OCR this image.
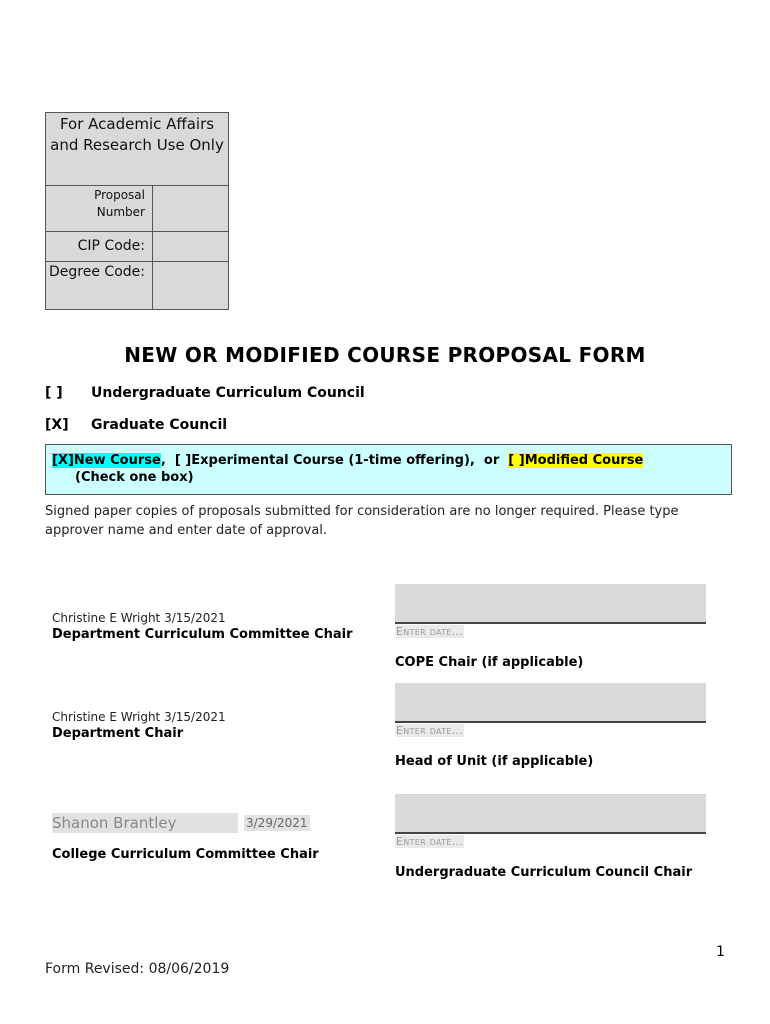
For Academic Affairs and Research Use Only
Proposal Number
CIP Code:
Degree Code:
NEW OR MODIFIED COURSE PROPOSAL FORM
[ ] Undergraduate Curriculum Council
[X] Graduate Council
[X]New Course,  [ ]Experimental Course (1-time offering),  or  [ ]Modified Course
(Check one box)
Signed paper copies of proposals submitted for consideration are no longer required. Please type approver name and enter date of approval.
Christine E Wright 3/15/2021
Department Curriculum Committee Chair
Christine E Wright 3/15/2021
Department Chair
Shanon Brantley	3/29/2021
College Curriculum Committee Chair
Enter date...
COPE Chair (if applicable)
Enter date...
Head of Unit (if applicable)
Enter date...
Undergraduate Curriculum Council Chair
1
Form Revised: 08/06/2019
